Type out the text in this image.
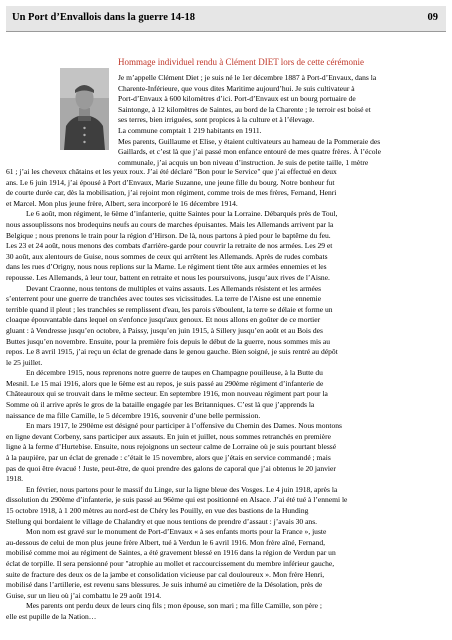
Un Port d’Envallois dans la guerre 14-18	09
Hommage individuel rendu à Clément DIET lors de cette cérémonie
Je m’appelle Clément Diet ; je suis né le 1er décembre 1887 à Port-d’Envaux, dans la
Charente-Inférieure, que vous dites Maritime aujourd’hui. Je suis cultivateur à
Port-d’Envaux à 600 kilomètres d’ici. Port-d’Envaux est un bourg portuaire de
Saintonge, à 12 kilomètres de Saintes, au bord de la Charente ; le terroir est boisé et
ses terres, bien irriguées, sont propices à la culture et à l’élevage.
La commune comptait 1 219 habitants en 1911.
Mes parents, Guillaume et Elise, y étaient cultivateurs au hameau de la Pommeraie des
Gaillards, et c’est là que j’ai passé mon enfance entouré de mes quatre frères. À l’école
communale, j’ai acquis un bon niveau d’instruction. Je suis de petite taille, 1 mètre
61 ; j’ai les cheveux châtains et les yeux roux. J’ai été déclaré "Bon pour le Service" que j’ai effectué en deux
ans. Le 6 juin 1914, j’ai épousé à Port d’Envaux, Marie Suzanne, une jeune fille du bourg. Notre bonheur fut
de courte durée car, dès la mobilisation, j’ai rejoint mon régiment, comme trois de mes frères, Fernand, Henri
et Marcel. Mon plus jeune frère, Albert, sera incorporé le 16 décembre 1914.
Le 6 août, mon régiment, le 6ème d’infanterie, quitte Saintes pour la Lorraine. Débarqués près de Toul,
nous assouplissons nos brodequins neufs au cours de marches épuisantes. Mais les Allemands arrivent par la
Belgique ; nous prenons le train pour la région d’Hirson. De là, nous partons à pied pour le baptême du feu.
Les 23 et 24 août, nous menons des combats d'arrière-garde pour couvrir la retraite de nos armées. Les 29 et
30 août, aux alentours de Guise, nous sommes de ceux qui arrêtent les Allemands. Après de rudes combats
dans les rues d’Origny, nous nous replions sur la Marne. Le régiment tient tête aux armées ennemies et les
repousse. Les Allemands, à leur tour, battent en retraite et nous les poursuivons, jusqu’aux rives de l’Aisne.
Devant Craonne, nous tentons de multiples et vains assauts. Les Allemands résistent et les armées
s’enterrent pour une guerre de tranchées avec toutes ses vicissitudes. La terre de l'Aisne est une ennemie
terrible quand il pleut ; les tranchées se remplissent d'eau, les parois s'éboulent, la terre se délaie et forme un
cloaque épouvantable dans lequel on s'enfonce jusqu'aux genoux. Et nous allons en goûter de ce mortier
gluant : à Vendresse jusqu’en octobre, à Paissy, jusqu’en juin 1915, à Sillery jusqu’en août et au Bois des
Buttes jusqu’en novembre. Ensuite, pour la première fois depuis le début de la guerre, nous sommes mis au
repos. Le 8 avril 1915, j’ai reçu un éclat de grenade dans le genou gauche. Bien soigné, je suis rentré au dépôt
le 25 juillet.
En décembre 1915, nous reprenons notre guerre de taupes en Champagne pouilleuse, à la Butte du
Mesnil. Le 15 mai 1916, alors que le 6ème est au repos, je suis passé au 290ème régiment d’infanterie de
Châteauroux qui se trouvait dans le même secteur. En septembre 1916, mon nouveau régiment part pour la
Somme où il arrive après le gros de la bataille engagée par les Britanniques. C’est là que j’apprends la
naissance de ma fille Camille, le 5 décembre 1916, souvenir d’une belle permission.
En mars 1917, le 290ème est désigné pour participer à l’offensive du Chemin des Dames. Nous montons
en ligne devant Corbeny, sans participer aux assauts. En juin et juillet, nous sommes retranchés en première
ligne à la ferme d’Hurtebise. Ensuite, nous rejoignons un secteur calme de Lorraine où je suis pourtant blessé
à la paupière, par un éclat de grenade : c’était le 15 novembre, alors que j’étais en service commandé ; mais
pas de quoi être évacué ! Juste, peut-être, de quoi prendre des galons de caporal que j’ai obtenus le 20 janvier
1918.
En février, nous partons pour le massif du Linge, sur la ligne bleue des Vosges. Le 4 juin 1918, après la
dissolution du 290ème d’infanterie, je suis passé au 96ème qui est positionné en Alsace. J’ai été tué à l’ennemi le
15 octobre 1918, à 1 200 mètres au nord-est de Chéry les Pouilly, en vue des bastions de la Hunding
Stellung qui bordaient le village de Chalandry et que nous tentions de prendre d’assaut : j’avais 30 ans.
Mon nom est gravé sur le monument de Port-d’Envaux « à ses enfants morts pour la France », juste
au-dessous de celui de mon plus jeune frère Albert, tué à Verdun le 6 avril 1916. Mon frère aîné, Fernand,
mobilisé comme moi au régiment de Saintes, a été gravement blessé en 1916 dans la région de Verdun par un
éclat de torpille. Il sera pensionné pour "atrophie au mollet et raccourcissement du membre inférieur gauche,
suite de fracture des deux os de la jambe et consolidation vicieuse par cal douloureux ». Mon frère Henri,
mobilisé dans l’artillerie, est revenu sans blessures. Je suis inhumé au cimetière de la Désolation, près de
Guise, sur un lieu où j’ai combattu le 29 août 1914.
Mes parents ont perdu deux de leurs cinq fils ; mon épouse, son mari ; ma fille Camille, son père ;
elle est pupille de la Nation…
